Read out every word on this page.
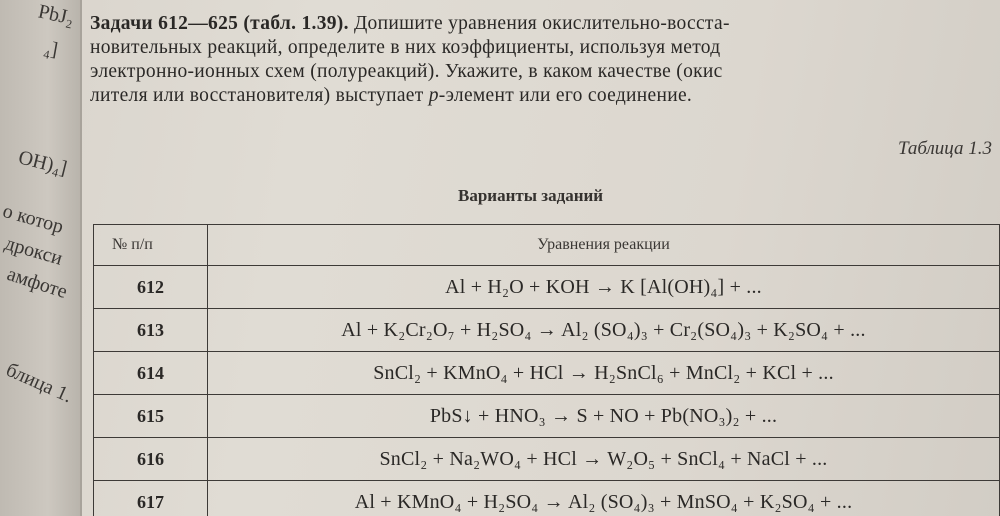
PbJ₂
₄]
OH)₄]
о котор
дрокси
амфоте
блица 1.
Задачи 612—625 (табл. 1.39). Допишите уравнения окислительно-восста-
новительных реакций, определите в них коэффициенты, используя метод
электронно-ионных схем (полуреакций). Укажите, в каком качестве (окис
лителя или восстановителя) выступает p-элемент или его соединение.
Таблица 1.3
Варианты заданий
№ п/п	Уравнения реакции
612	Al + H₂O + KOH → K [Al(OH)₄] + ...
613	Al + K₂Cr₂O₇ + H₂SO₄ → Al₂ (SO₄)₃ + Cr₂(SO₄)₃ + K₂SO₄ + ...
614	SnCl₂ + KMnO₄ + HCl → H₂SnCl₆ + MnCl₂ + KCl + ...
615	PbS↓ + HNO₃ → S + NO + Pb(NO₃)₂ + ...
616	SnCl₂ + Na₂WO₄ + HCl → W₂O₅ + SnCl₄ + NaCl + ...
617	Al + KMnO₄ + H₂SO₄ → Al₂ (SO₄)₃ + MnSO₄ + K₂SO₄ + ...
